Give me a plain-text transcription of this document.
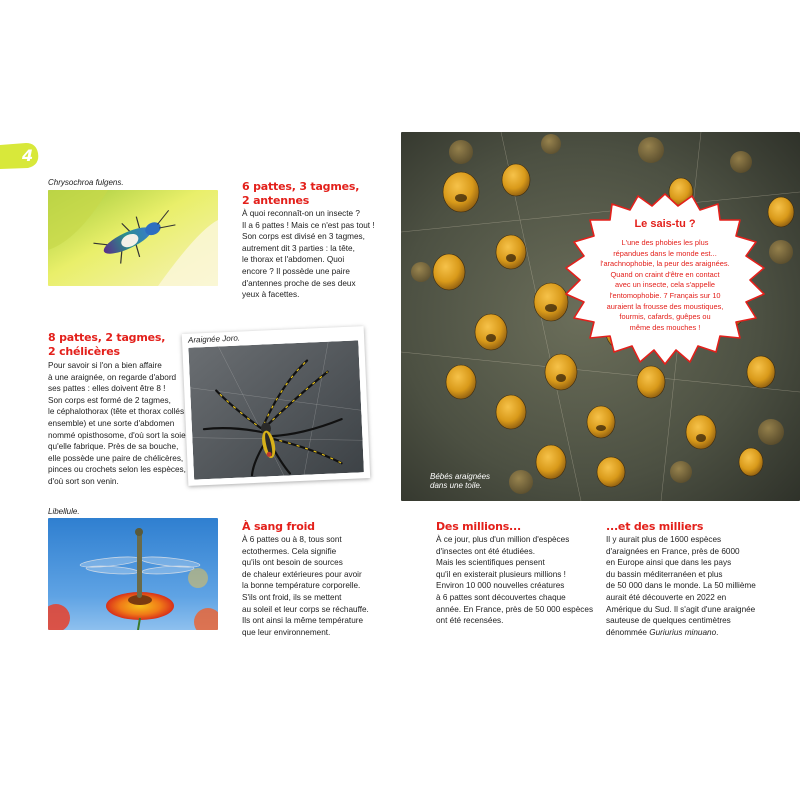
4
Chrysochroa fulgens.	6 pattes, 3 tagmes,
2 antennes
À quoi reconnaît-on un insecte ?
Il a 6 pattes ! Mais ce n'est pas tout !
Son corps est divisé en 3 tagmes,
autrement dit 3 parties : la tête,
le thorax et l'abdomen. Quoi
encore ? Il possède une paire
d'antennes proche de ses deux
yeux à facettes.
8 pattes, 2 tagmes,
2 chélicères
Pour savoir si l'on a bien affaire
à une araignée, on regarde d'abord
ses pattes : elles doivent être 8 !
Son corps est formé de 2 tagmes,
le céphalothorax (tête et thorax collés
ensemble) et une sorte d'abdomen
nommé opisthosome, d'où sort la soie
qu'elle fabrique. Près de sa bouche,
elle possède une paire de chélicères,
pinces ou crochets selon les espèces,
d'où sort son venin.
Araignée Joro.
Libellule.
À sang froid
À 6 pattes ou à 8, tous sont
ectothermes. Cela signifie
qu'ils ont besoin de sources
de chaleur extérieures pour avoir
la bonne température corporelle.
S'ils ont froid, ils se mettent
au soleil et leur corps se réchauffe.
Ils ont ainsi la même température
que leur environnement.
Bébés araignées
dans une toile.
Le sais-tu ?
L'une des phobies les plus
répandues dans le monde est...
l'arachnophobie, la peur des araignées.
Quand on craint d'être en contact
avec un insecte, cela s'appelle
l'entomophobie. 7 Français sur 10
auraient la frousse des moustiques,
fourmis, cafards, guêpes ou
même des mouches !
Des millions...
À ce jour, plus d'un million d'espèces
d'insectes ont été étudiées.
Mais les scientifiques pensent
qu'il en existerait plusieurs millions !
Environ 10 000 nouvelles créatures
à 6 pattes sont découvertes chaque
année. En France, près de 50 000 espèces
ont été recensées.
...et des milliers
Il y aurait plus de 1600 espèces
d'araignées en France, près de 6000
en Europe ainsi que dans les pays
du bassin méditerranéen et plus
de 50 000 dans le monde. La 50 millième
aurait été découverte en 2022 en
Amérique du Sud. Il s'agit d'une araignée
sauteuse de quelques centimètres
dénommée Guriurius minuano.
